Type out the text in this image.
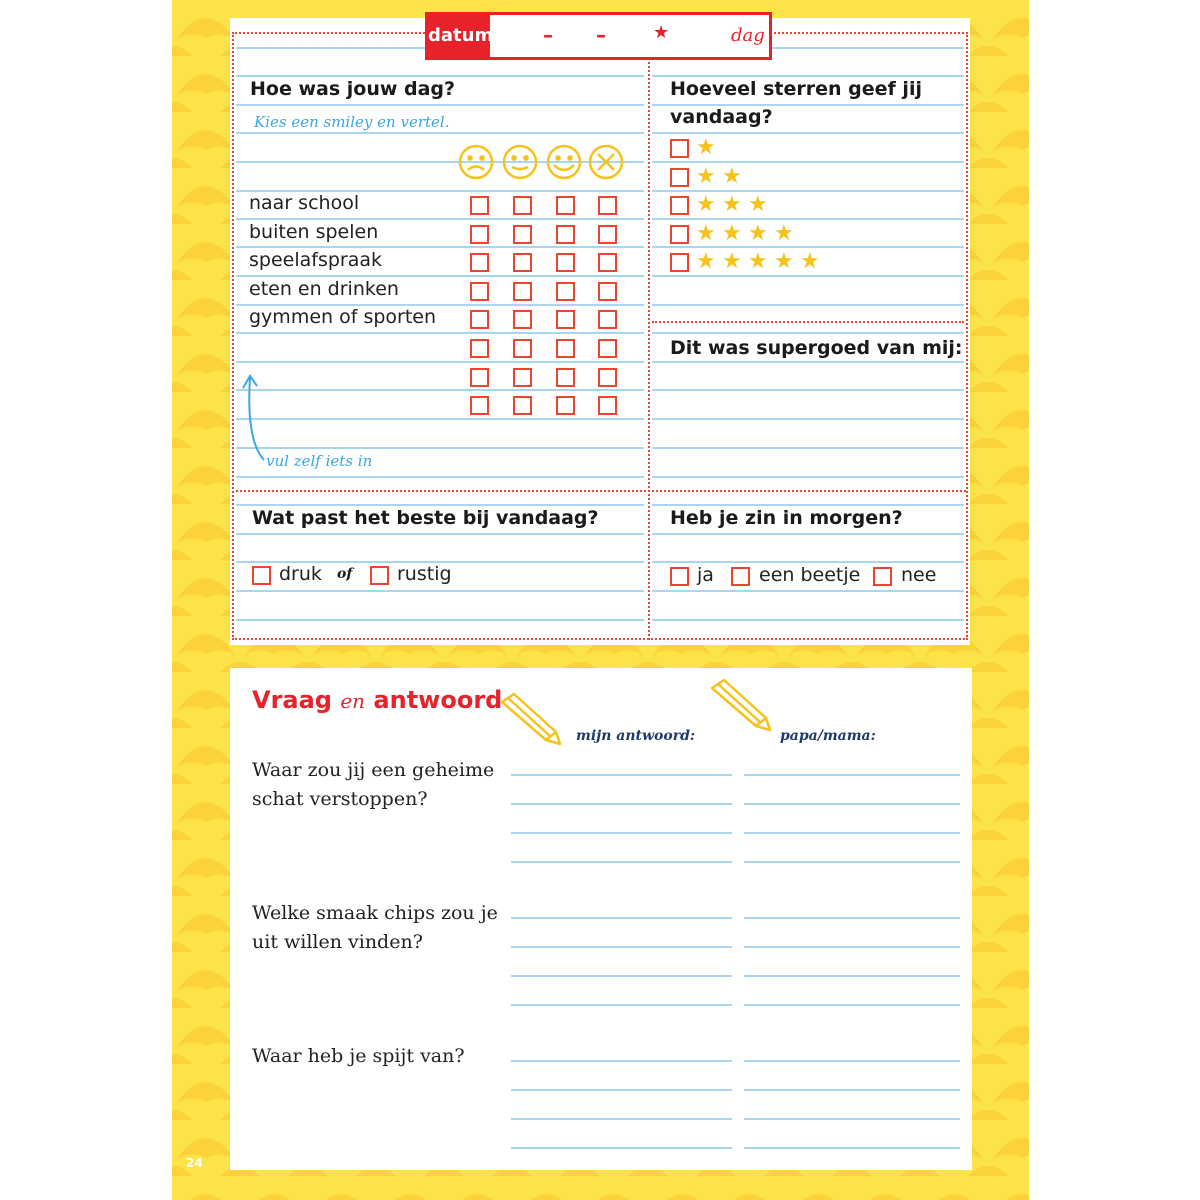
24
datum – –	★	dag
Hoe was jouw dag?
Kies een smiley en vertel.
naar school
buiten spelen
speelafspraak
eten en drinken
gymmen of sporten
vul zelf iets in
Hoeveel sterren geef jij
vandaag?
★
★ ★
★ ★ ★
★ ★ ★ ★
★ ★ ★ ★ ★
Dit was supergoed van mij:
Wat past het beste bij vandaag?
druk of rustig
Heb je zin in morgen?
ja een beetje nee
Vraag en antwoord
mijn antwoord:	papa/mama:
Waar zou jij een geheime
schat verstoppen?
Welke smaak chips zou je
uit willen vinden?
Waar heb je spijt van?
